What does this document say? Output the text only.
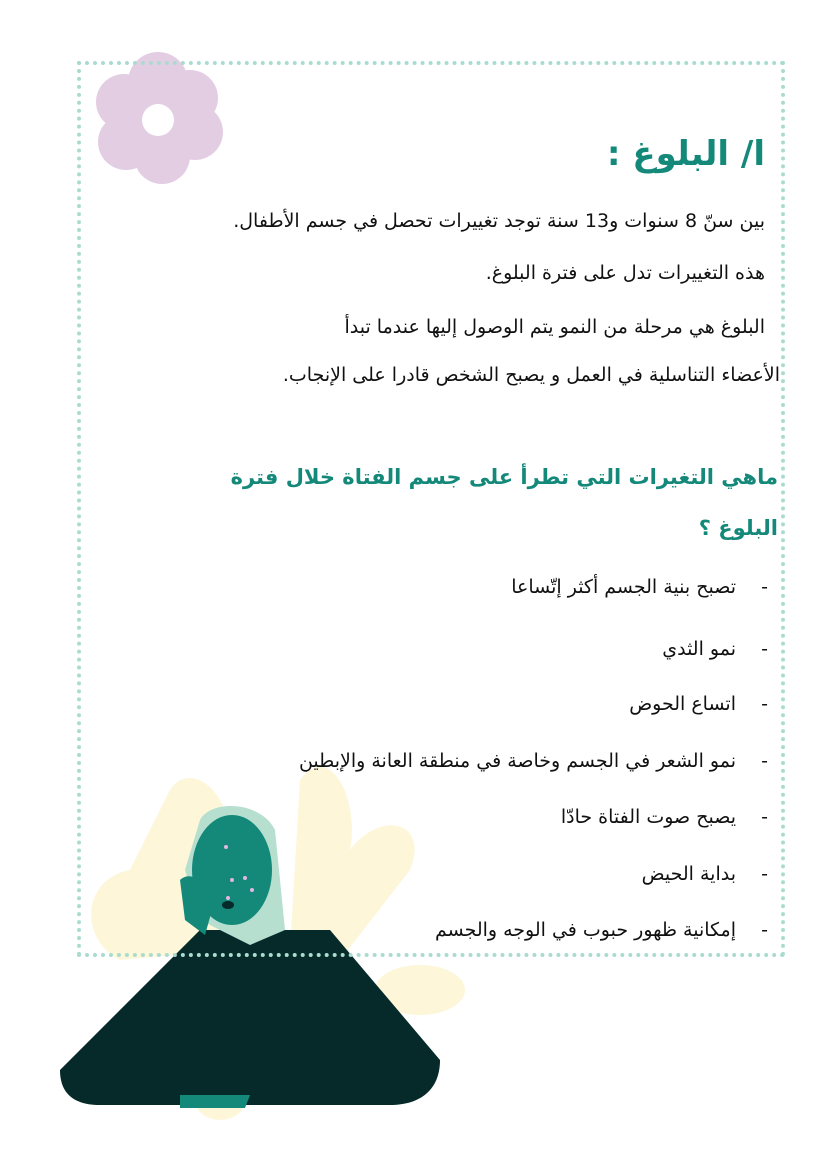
ا/ البلوغ :
بين سنّ 8 سنوات و13 سنة توجد تغييرات تحصل في جسم الأطفال.
هذه التغييرات تدل على فترة البلوغ.
البلوغ هي مرحلة من النمو يتم الوصول إليها عندما تبدأ
الأعضاء التناسلية في العمل و يصبح الشخص قادرا على الإنجاب.
ماهي التغيرات التي تطرأ على جسم الفتاة خلال فترة
البلوغ ؟
-تصبح بنية الجسم أكثر إتّساعا
-نمو الثدي
-اتساع الحوض
-نمو الشعر في الجسم وخاصة في منطقة العانة والإبطين
-يصبح صوت الفتاة حادّا
-بداية الحيض
-إمكانية ظهور حبوب في الوجه والجسم
